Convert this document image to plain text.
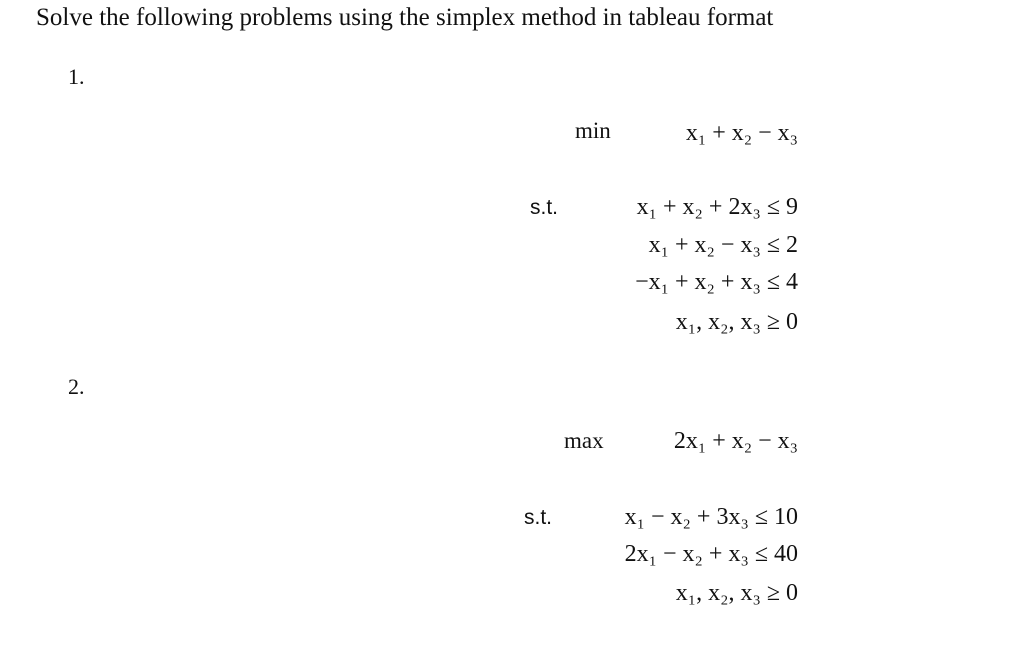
Solve the following problems using the simplex method in tableau format
1.
min	x₁ + x₂ − x₃
s.t.	x₁ + x₂ + 2x₃ ≤ 9
x₁ + x₂ − x₃ ≤ 2
−x₁ + x₂ + x₃ ≤ 4
x₁, x₂, x₃ ≥ 0
2.
max	2x₁ + x₂ − x₃
s.t.	x₁ − x₂ + 3x₃ ≤ 10
2x₁ − x₂ + x₃ ≤ 40
x₁, x₂, x₃ ≥ 0
